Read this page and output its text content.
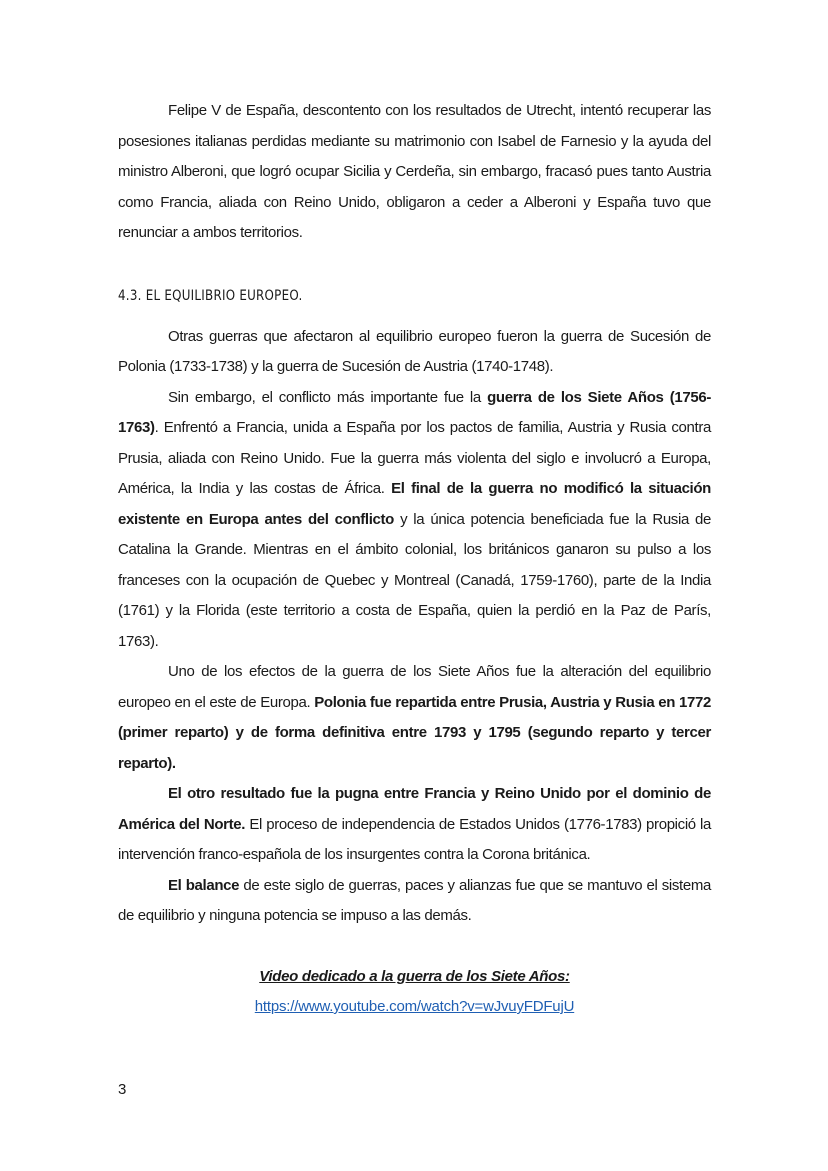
Felipe V de España, descontento con los resultados de Utrecht, intentó recuperar las posesiones italianas perdidas mediante su matrimonio con Isabel de Farnesio y la ayuda del ministro Alberoni, que logró ocupar Sicilia y Cerdeña, sin embargo, fracasó pues tanto Austria como Francia, aliada con Reino Unido, obligaron a ceder a Alberoni y España tuvo que renunciar a ambos territorios.

4.3. EL EQUILIBRIO EUROPEO.

Otras guerras que afectaron al equilibrio europeo fueron la guerra de Sucesión de Polonia (1733-1738) y la guerra de Sucesión de Austria (1740-1748).

Sin embargo, el conflicto más importante fue la guerra de los Siete Años (1756-1763). Enfrentó a Francia, unida a España por los pactos de familia, Austria y Rusia contra Prusia, aliada con Reino Unido. Fue la guerra más violenta del siglo e involucró a Europa, América, la India y las costas de África. El final de la guerra no modificó la situación existente en Europa antes del conflicto y la única potencia beneficiada fue la Rusia de Catalina la Grande. Mientras en el ámbito colonial, los británicos ganaron su pulso a los franceses con la ocupación de Quebec y Montreal (Canadá, 1759-1760), parte de la India (1761) y la Florida (este territorio a costa de España, quien la perdió en la Paz de París, 1763).

Uno de los efectos de la guerra de los Siete Años fue la alteración del equilibrio europeo en el este de Europa. Polonia fue repartida entre Prusia, Austria y Rusia en 1772 (primer reparto) y de forma definitiva entre 1793 y 1795 (segundo reparto y tercer reparto).

El otro resultado fue la pugna entre Francia y Reino Unido por el dominio de América del Norte. El proceso de independencia de Estados Unidos (1776-1783) propició la intervención franco-española de los insurgentes contra la Corona británica.

El balance de este siglo de guerras, paces y alianzas fue que se mantuvo el sistema de equilibrio y ninguna potencia se impuso a las demás.

Video dedicado a la guerra de los Siete Años:
https://www.youtube.com/watch?v=wJvuyFDFujU
3
